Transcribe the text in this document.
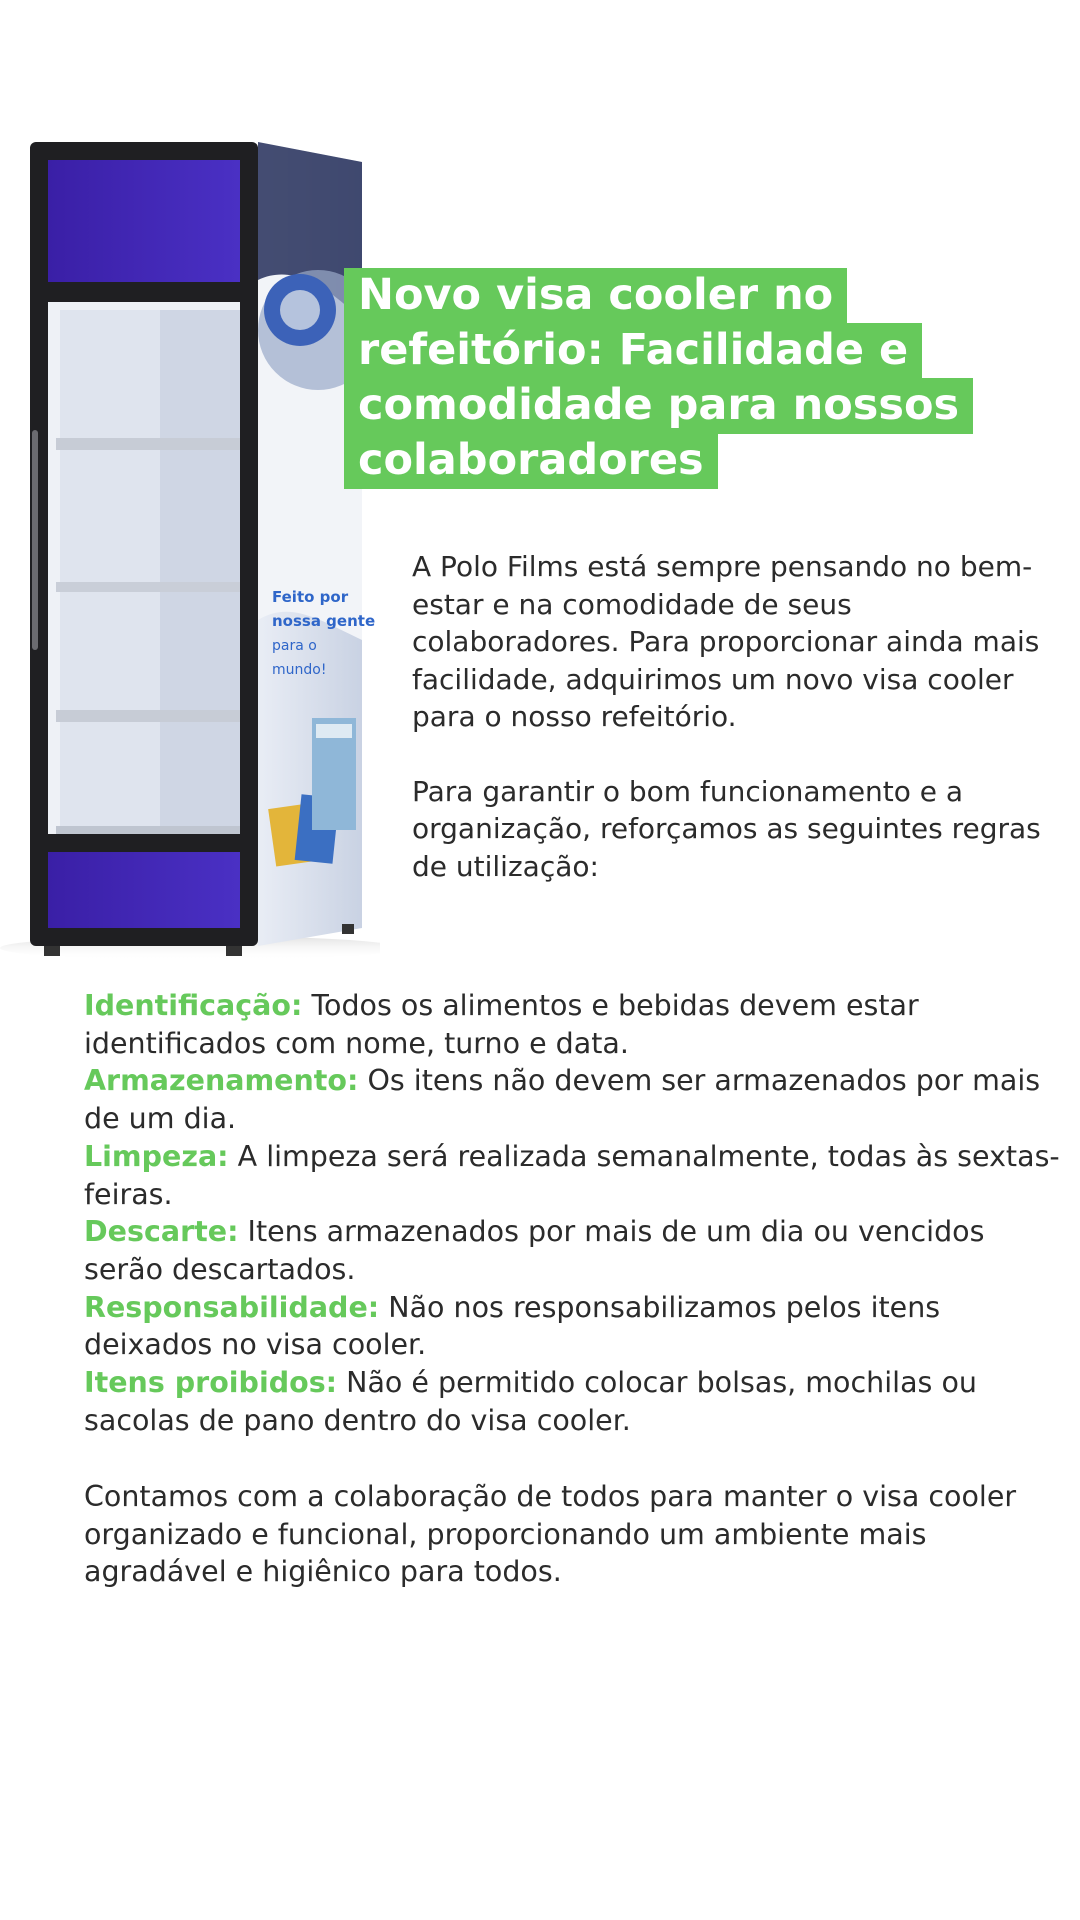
Feito por
nossa gente
para o
mundo!
Novo visa cooler no
refeitório: Facilidade e
comodidade para nossos
colaboradores

A Polo Films está sempre pensando no bem-estar e na comodidade de seus colaboradores. Para proporcionar ainda mais facilidade, adquirimos um novo visa cooler para o nosso refeitório.

Para garantir o bom funcionamento e a organização, reforçamos as seguintes regras de utilização:

Identificação: Todos os alimentos e bebidas devem estar identificados com nome, turno e data.
Armazenamento: Os itens não devem ser armazenados por mais de um dia.
Limpeza: A limpeza será realizada semanalmente, todas às sextas-feiras.
Descarte: Itens armazenados por mais de um dia ou vencidos serão descartados.
Responsabilidade: Não nos responsabilizamos pelos itens deixados no visa cooler.
Itens proibidos: Não é permitido colocar bolsas, mochilas ou sacolas de pano dentro do visa cooler.
Contamos com a colaboração de todos para manter o visa cooler organizado e funcional, proporcionando um ambiente mais agradável e higiênico para todos.
